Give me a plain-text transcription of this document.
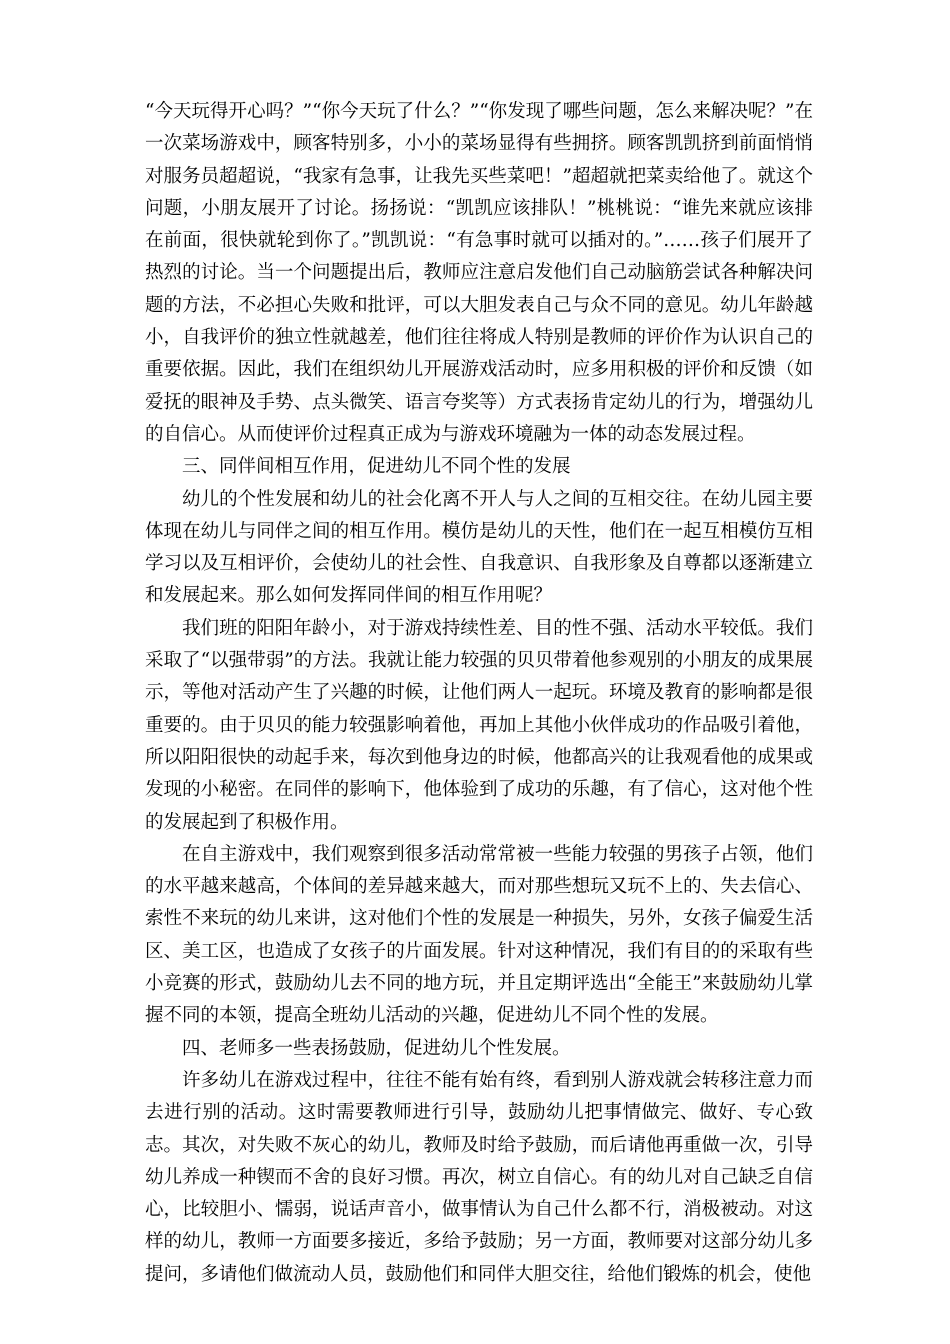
“今天玩得开心吗？”“你今天玩了什么？”“你发现了哪些问题，怎么来解决呢？”在一次菜场游戏中，顾客特别多，小小的菜场显得有些拥挤。顾客凯凯挤到前面悄悄对服务员超超说，“我家有急事，让我先买些菜吧！”超超就把菜卖给他了。就这个问题，小朋友展开了讨论。扬扬说：“凯凯应该排队！”桃桃说：“谁先来就应该排在前面，很快就轮到你了。”凯凯说：“有急事时就可以插对的。”……孩子们展开了热烈的讨论。当一个问题提出后，教师应注意启发他们自己动脑筋尝试各种解决问题的方法，不必担心失败和批评，可以大胆发表自己与众不同的意见。幼儿年龄越小，自我评价的独立性就越差，他们往往将成人特别是教师的评价作为认识自己的重要依据。因此，我们在组织幼儿开展游戏活动时，应多用积极的评价和反馈（如爱抚的眼神及手势、点头微笑、语言夸奖等）方式表扬肯定幼儿的行为，增强幼儿的自信心。从而使评价过程真正成为与游戏环境融为一体的动态发展过程。

三、同伴间相互作用，促进幼儿不同个性的发展

幼儿的个性发展和幼儿的社会化离不开人与人之间的互相交往。在幼儿园主要体现在幼儿与同伴之间的相互作用。模仿是幼儿的天性，他们在一起互相模仿互相学习以及互相评价，会使幼儿的社会性、自我意识、自我形象及自尊都以逐渐建立和发展起来。那么如何发挥同伴间的相互作用呢？

我们班的阳阳年龄小，对于游戏持续性差、目的性不强、活动水平较低。我们采取了“以强带弱”的方法。我就让能力较强的贝贝带着他参观别的小朋友的成果展示，等他对活动产生了兴趣的时候，让他们两人一起玩。环境及教育的影响都是很重要的。由于贝贝的能力较强影响着他，再加上其他小伙伴成功的作品吸引着他，所以阳阳很快的动起手来，每次到他身边的时候，他都高兴的让我观看他的成果或发现的小秘密。在同伴的影响下，他体验到了成功的乐趣，有了信心，这对他个性的发展起到了积极作用。

在自主游戏中，我们观察到很多活动常常被一些能力较强的男孩子占领，他们的水平越来越高，个体间的差异越来越大，而对那些想玩又玩不上的、失去信心、索性不来玩的幼儿来讲，这对他们个性的发展是一种损失，另外，女孩子偏爱生活区、美工区，也造成了女孩子的片面发展。针对这种情况，我们有目的的采取有些小竞赛的形式，鼓励幼儿去不同的地方玩，并且定期评选出“全能王”来鼓励幼儿掌握不同的本领，提高全班幼儿活动的兴趣，促进幼儿不同个性的发展。

四、老师多一些表扬鼓励，促进幼儿个性发展。

许多幼儿在游戏过程中，往往不能有始有终，看到别人游戏就会转移注意力而去进行别的活动。这时需要教师进行引导，鼓励幼儿把事情做完、做好、专心致志。其次，对失败不灰心的幼儿，教师及时给予鼓励，而后请他再重做一次，引导幼儿养成一种锲而不舍的良好习惯。再次，树立自信心。有的幼儿对自己缺乏自信心，比较胆小、懦弱，说话声音小，做事情认为自己什么都不行，消极被动。对这样的幼儿，教师一方面要多接近，多给予鼓励；另一方面，教师要对这部分幼儿多提问，多请他们做流动人员，鼓励他们和同伴大胆交往，给他们锻炼的机会，使他
